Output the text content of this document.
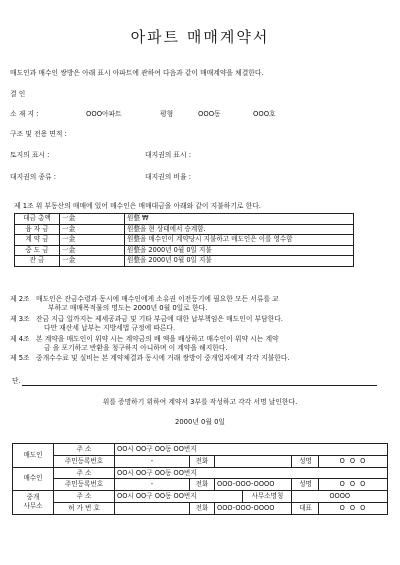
아파트 매매계약서
매도인과 매수인 쌍방은 아래 표시 아파트에 관하여 다음과 같이 매매계약을 체결한다.
결 인
소 재 지 :	OOO아파트	평형	OOO동	OOO호
구조 및 전용 면적 :
토지의 표시 :	대지권의 표시 :
대지권의 종류 :	대지권의 비율 :
제 1조 위 부동산의 매매에 있어 매수인은 매매대금을 아래와 같이 지불하기로 한다.
대금 총액	一金	원整 ₩
융 자 금	一金	원整을 현 상태에서 승계함.
계 약 금	一金	원整을 매수인이 계약당시 지불하고 매도인은 이를 영수함
중 도 금	一金	원整을 2000년 0월 0일 지불
잔 금	一金	원整을 2000년 0월 0일 지불
제 2조 매도인은 잔금수령과 동시에 매수인에게 소유권 이전등기에 필요한 모든 서류를 교
부하고 매매목적물의 명도는 2000년 0월 0일로 한다.
제 3조 잔금 지급 일까지는 제세공과금 및 기타 부금에 대한 납부책임은 매도인이 부담한다.
다만 재산세 납부는 지방세법 규정에 따른다.
제 4조 본 계약을 매도인이 위약 시는 계약금의 배 액을 배상하고 매수인이 위약 시는 계약
금 을 포기하고 반환을 청구하지 아니하며 이 계약을 해지한다.
제 5조 중개수수료 및 실비는 본 계약체결과 동시에 거래 쌍방이 중개업자에게 각각 지불한다.
단.
위를 증명하기 위하여 계약서 3부를 작성하고 각각 서명 날인한다.
2000년 0월 0일
매도인	주 소	OO시 OO구 OO동 OO번지					
	주민등록번호	-	전화			성명	O O O
매수인	주 소	OO시 OO구 OO동 OO번지					
	주민등록번호	-	전화	OOO-OOO-OOOO		성명	O O O

중개
사무소	주 소	OO시 OO구 OO동 OO번지			사무소명칭	OOOO	
	허 가 번 호		전화	OOO-OOO-OOOO		대표	O O O
